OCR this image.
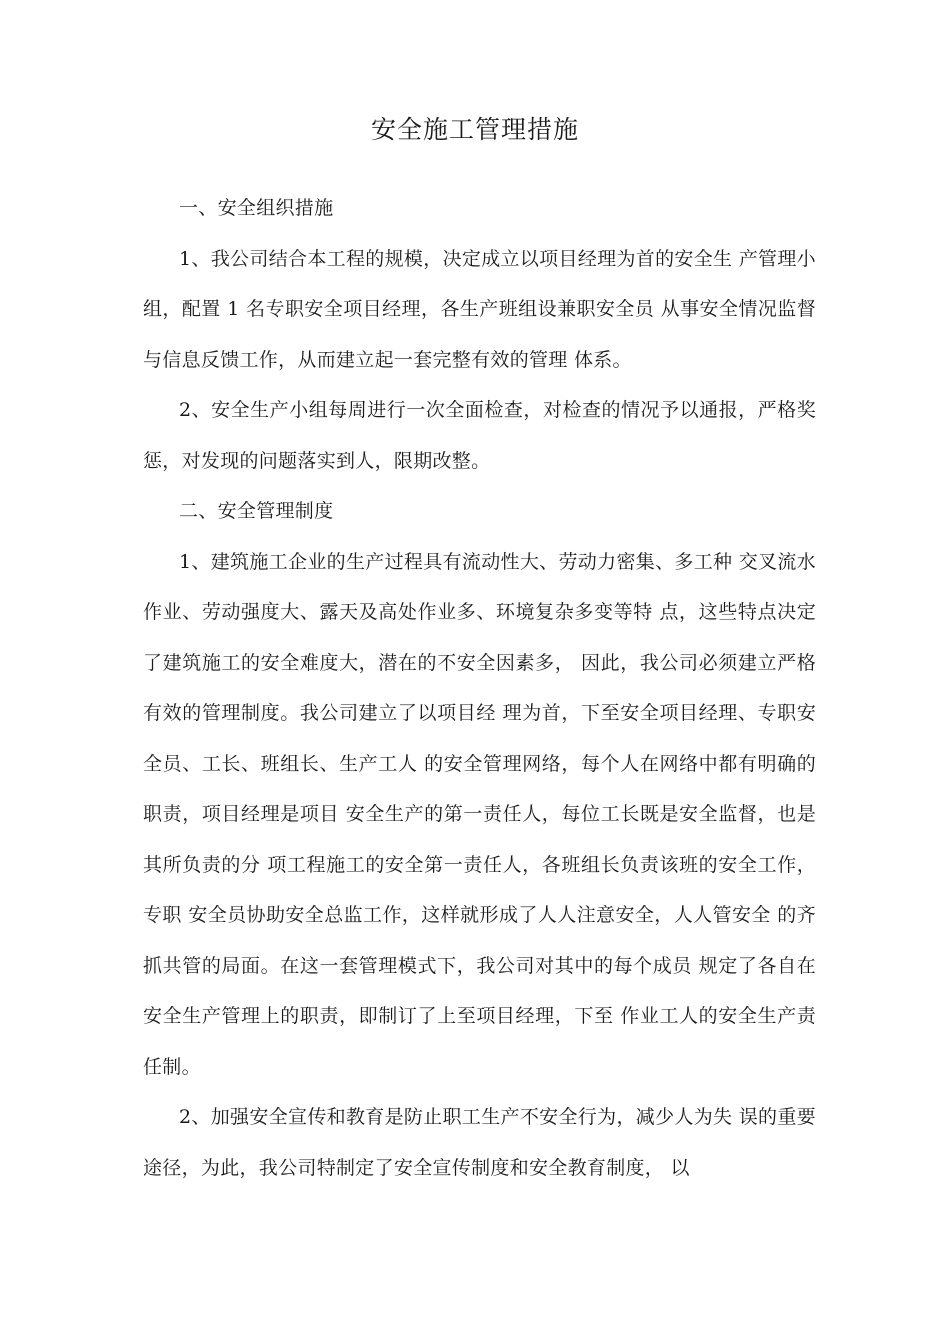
安全施工管理措施

一、安全组织措施

1、我公司结合本工程的规模，决定成立以项目经理为首的安全生 产管理小组，配置 1 名专职安全项目经理，各生产班组设兼职安全员 从事安全情况监督与信息反馈工作，从而建立起一套完整有效的管理 体系。

2、安全生产小组每周进行一次全面检查，对检查的情况予以通报，严格奖惩，对发现的问题落实到人，限期改整。

二、安全管理制度

1、建筑施工企业的生产过程具有流动性大、劳动力密集、多工种 交叉流水作业、劳动强度大、露天及高处作业多、环境复杂多变等特 点，这些特点决定了建筑施工的安全难度大，潜在的不安全因素多， 因此，我公司必须建立严格有效的管理制度。我公司建立了以项目经 理为首，下至安全项目经理、专职安全员、工长、班组长、生产工人 的安全管理网络，每个人在网络中都有明确的职责，项目经理是项目 安全生产的第一责任人，每位工长既是安全监督，也是其所负责的分 项工程施工的安全第一责任人，各班组长负责该班的安全工作，专职 安全员协助安全总监工作，这样就形成了人人注意安全，人人管安全 的齐抓共管的局面。在这一套管理模式下，我公司对其中的每个成员 规定了各自在安全生产管理上的职责，即制订了上至项目经理，下至 作业工人的安全生产责任制。

2、加强安全宣传和教育是防止职工生产不安全行为，减少人为失 误的重要途径，为此，我公司特制定了安全宣传制度和安全教育制度， 以
